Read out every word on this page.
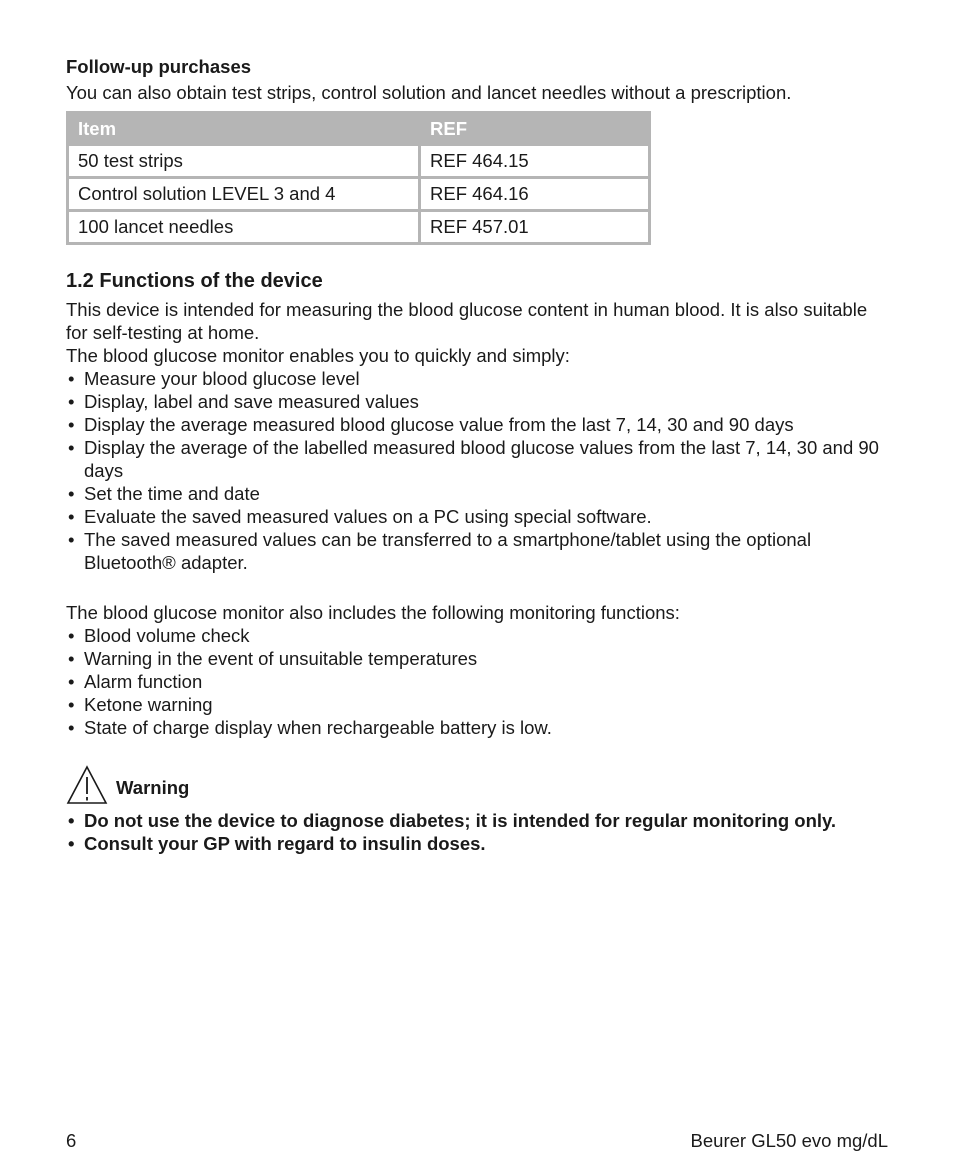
Follow-up purchases
You can also obtain test strips, control solution and lancet needles without a prescription.
Item	REF
50 test strips	REF 464.15
Control solution LEVEL 3 and 4	REF 464.16
100 lancet needles	REF 457.01
1.2 Functions of the device
This device is intended for measuring the blood glucose content in human blood. It is also suitable
for self-testing at home.
The blood glucose monitor enables you to quickly and simply:
• Measure your blood glucose level
• Display, label and save measured values
• Display the average measured blood glucose value from the last 7, 14, 30 and 90 days
• Display the average of the labelled measured blood glucose values from the last 7, 14, 30 and 90 days
• Set the time and date
• Evaluate the saved measured values on a PC using special software.
• The saved measured values can be transferred to a smartphone/tablet using the optional Bluetooth® adapter.
The blood glucose monitor also includes the following monitoring functions:
• Blood volume check
• Warning in the event of unsuitable temperatures
• Alarm function
• Ketone warning
• State of charge display when rechargeable battery is low.
Warning
• Do not use the device to diagnose diabetes; it is intended for regular monitoring only.
• Consult your GP with regard to insulin doses.
6	Beurer GL50 evo mg/dL
